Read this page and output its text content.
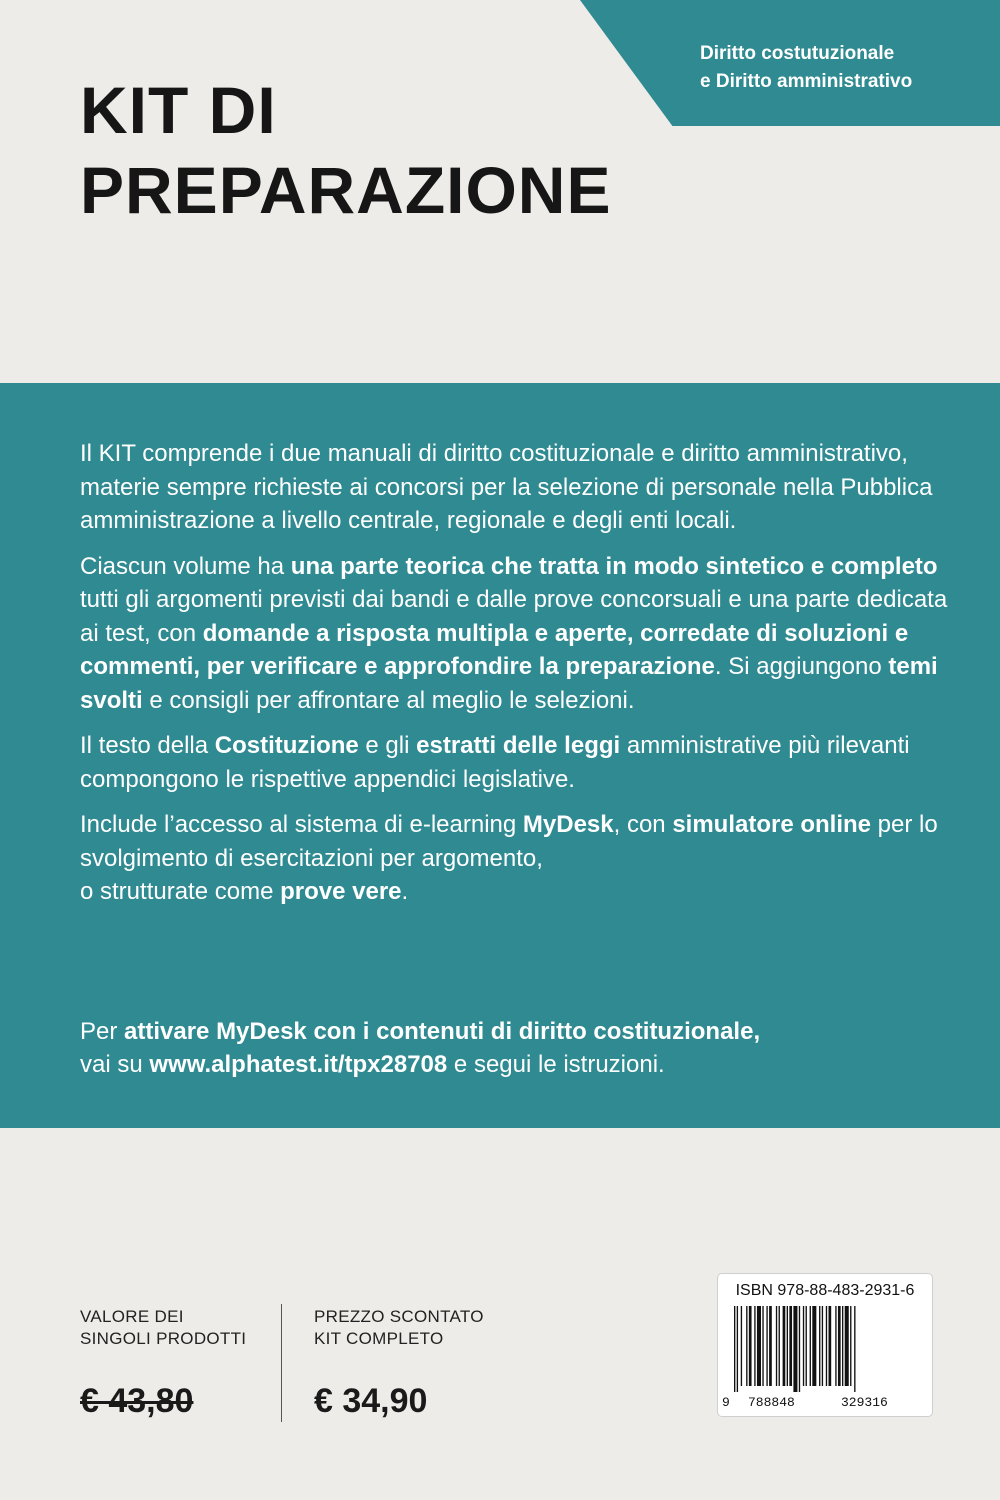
Diritto costutuzionale
e Diritto amministrativo
KIT DI
PREPARAZIONE

Il KIT comprende i due manuali di diritto costituzionale e diritto amministrativo, materie sempre richieste ai concorsi per la selezione di personale nella Pubblica amministrazione a livello centrale, regionale e degli enti locali.

Ciascun volume ha una parte teorica che tratta in modo sintetico e completo tutti gli argomenti previsti dai bandi e dalle prove concorsuali e una parte dedicata ai test, con domande a risposta multipla e aperte, corredate di soluzioni e commenti, per verificare e approfondire la preparazione. Si aggiungono temi svolti e consigli per affrontare al meglio le selezioni.

Il testo della Costituzione e gli estratti delle leggi amministrative più rilevanti compongono le rispettive appendici legislative.

Include l’accesso al sistema di e-learning MyDesk, con simulatore online per lo svolgimento di esercitazioni per argomento,
o strutturate come prove vere.

Per attivare MyDesk con i contenuti di diritto costituzionale,

vai su www.alphatest.it/tpx28708 e segui le istruzioni.

VALORE DEI
SINGOLI PRODOTTI
€ 43,80
PREZZO SCONTATO
KIT COMPLETO
€ 34,90
ISBN 978-88-483-2931-6
9 788848	329316
